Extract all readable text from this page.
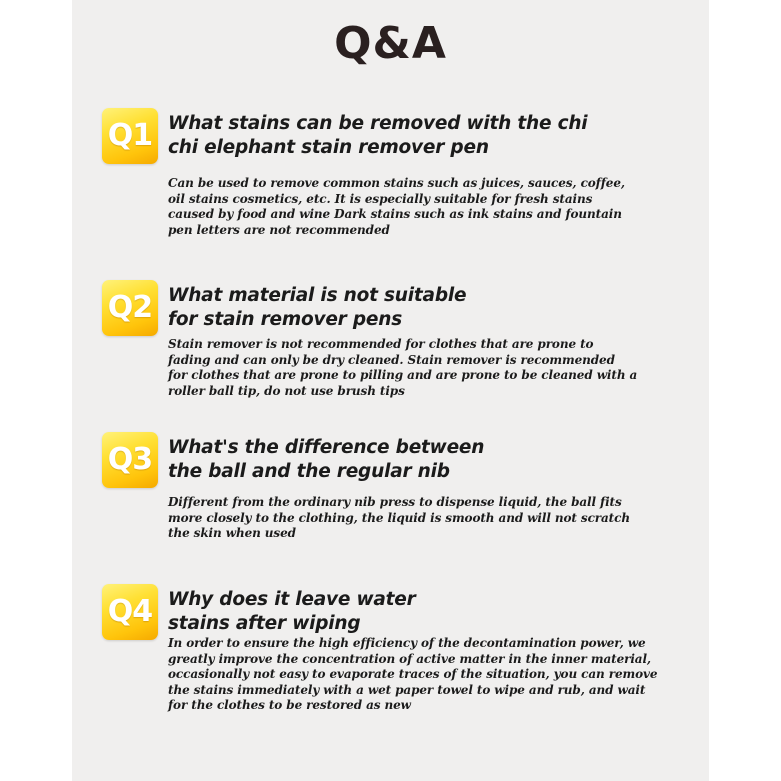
Q&A
Q1 What stains can be removed with the chi chi elephant stain remover pen
Can be used to remove common stains such as juices, sauces, coffee, oil stains cosmetics, etc. It is especially suitable for fresh stains caused by food and wine Dark stains such as ink stains and fountain pen letters are not recommended
Q2 What material is not suitable for stain remover pens
Stain remover is not recommended for clothes that are prone to fading and can only be dry cleaned. Stain remover is recommended for clothes that are prone to pilling and are prone to be cleaned with a roller ball tip, do not use brush tips
Q3 What's the difference between the ball and the regular nib
Different from the ordinary nib press to dispense liquid, the ball fits more closely to the clothing, the liquid is smooth and will not scratch the skin when used
Q4 Why does it leave water stains after wiping
In order to ensure the high efficiency of the decontamination power, we greatly improve the concentration of active matter in the inner material, occasionally not easy to evaporate traces of the situation, you can remove the stains immediately with a wet paper towel to wipe and rub, and wait for the clothes to be restored as new
